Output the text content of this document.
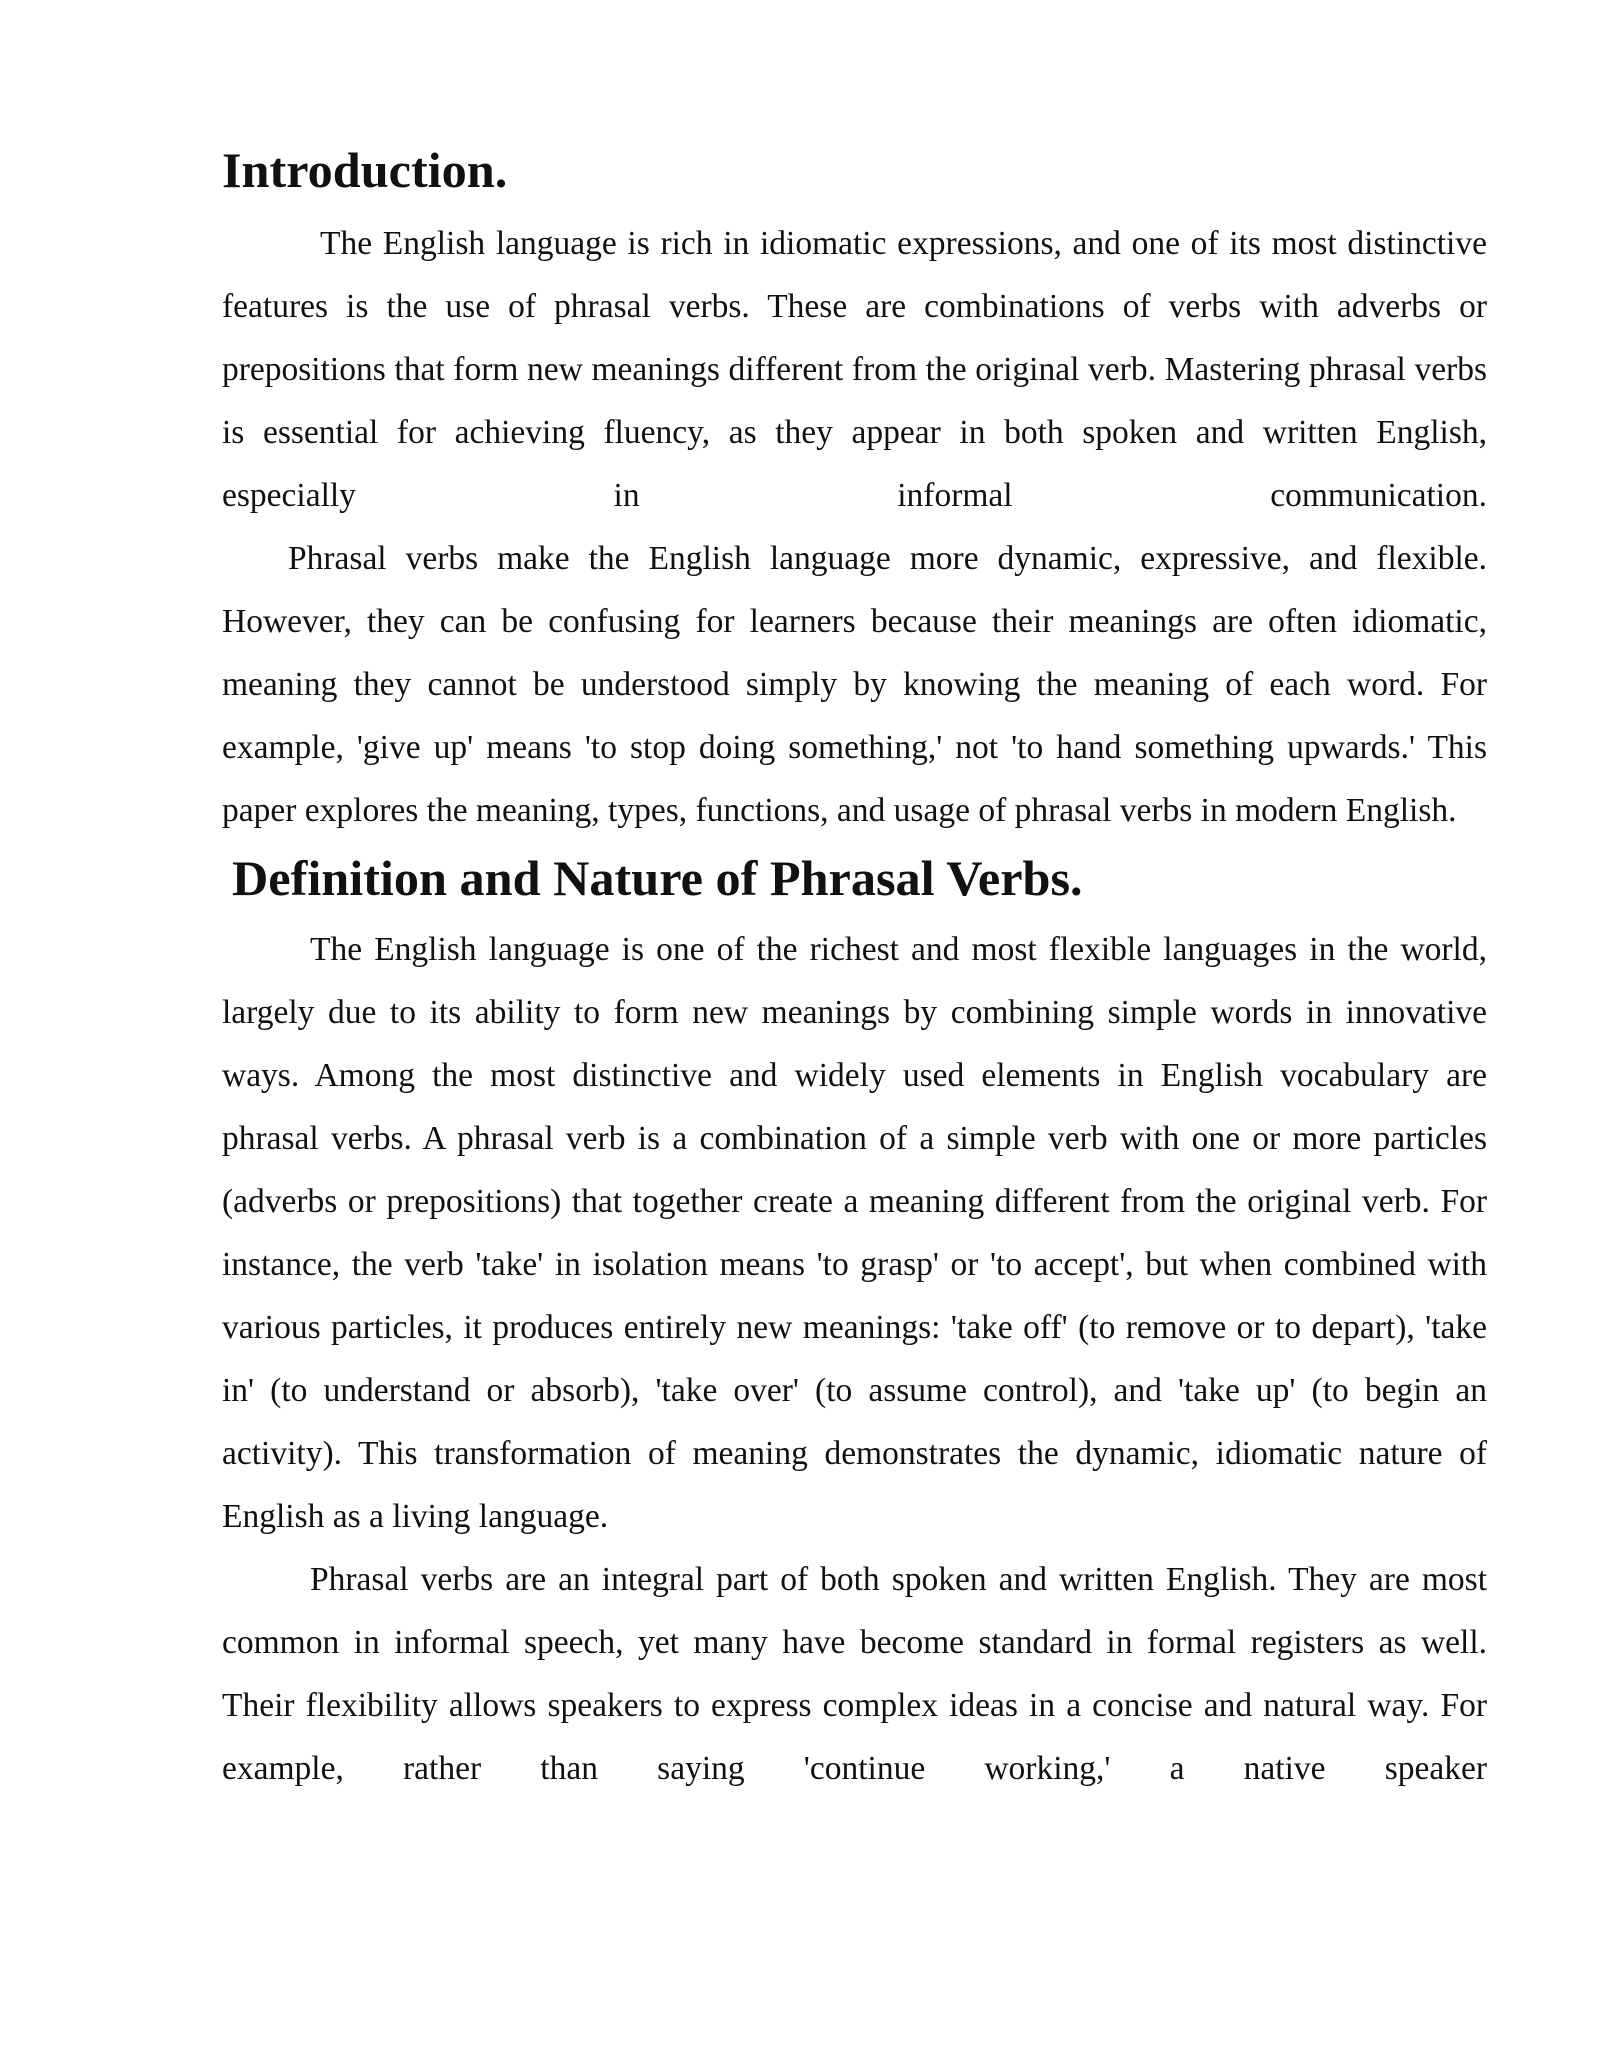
Introduction.

The English language is rich in idiomatic expressions, and one of its most distinctive features is the use of phrasal verbs. These are combinations of verbs with adverbs or prepositions that form new meanings different from the original verb. Mastering phrasal verbs is essential for achieving fluency, as they appear in both spoken and written English, especially in informal communication.

Phrasal verbs make the English language more dynamic, expressive, and flexible. However, they can be confusing for learners because their meanings are often idiomatic, meaning they cannot be understood simply by knowing the meaning of each word. For example, 'give up' means 'to stop doing something,' not 'to hand something upwards.' This paper explores the meaning, types, functions, and usage of phrasal verbs in modern English.

Definition and Nature of Phrasal Verbs.

The English language is one of the richest and most flexible languages in the world, largely due to its ability to form new meanings by combining simple words in innovative ways. Among the most distinctive and widely used elements in English vocabulary are phrasal verbs. A phrasal verb is a combination of a simple verb with one or more particles (adverbs or prepositions) that together create a meaning different from the original verb. For instance, the verb 'take' in isolation means 'to grasp' or 'to accept', but when combined with various particles, it produces entirely new meanings: 'take off' (to remove or to depart), 'take in' (to understand or absorb), 'take over' (to assume control), and 'take up' (to begin an activity). This transformation of meaning demonstrates the dynamic, idiomatic nature of English as a living language.

Phrasal verbs are an integral part of both spoken and written English. They are most common in informal speech, yet many have become standard in formal registers as well. Their flexibility allows speakers to express complex ideas in a concise and natural way. For example, rather than saying 'continue working,' a native speaker
